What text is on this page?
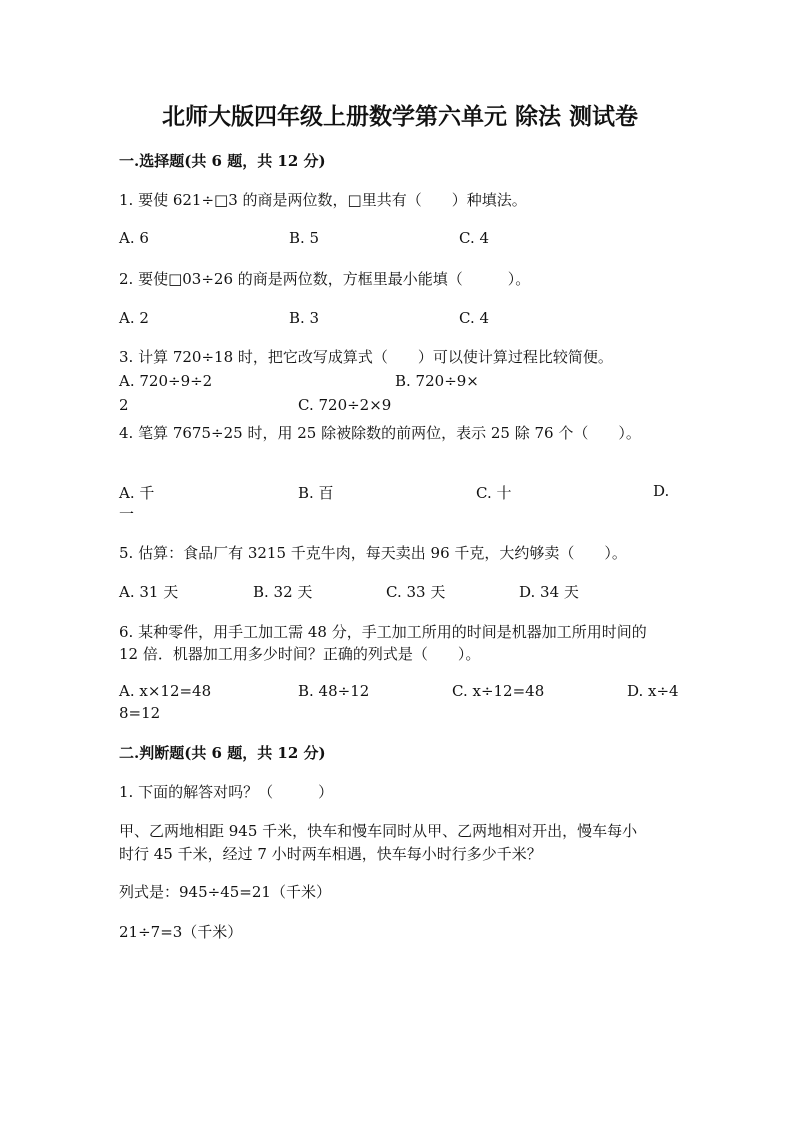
北师大版四年级上册数学第六单元 除法 测试卷
一.选择题(共 6 题，共 12 分)
1. 要使 621÷□3 的商是两位数，□里共有（　　）种填法。
A. 6	B. 5	C. 4
2. 要使□03÷26 的商是两位数，方框里最小能填（　　　）。
A. 2	B. 3	C. 4
3. 计算 720÷18 时，把它改写成算式（　　）可以使计算过程比较简便。
A. 720÷9÷2	B. 720÷9×
2	C. 720÷2×9
4. 笔算 7675÷25 时，用 25 除被除数的前两位，表示 25 除 76 个（　　）。
A. 千	B. 百	C. 十	D.
一
5. 估算：食品厂有 3215 千克牛肉，每天卖出 96 千克，大约够卖（　　）。
A. 31 天	B. 32 天	C. 33 天	D. 34 天
6. 某种零件，用手工加工需 48 分，手工加工所用的时间是机器加工所用时间的
12 倍．机器加工用多少时间？正确的列式是（　　）。
A. x×12=48	B. 48÷12	C. x÷12=48	D. x÷4
8=12
二.判断题(共 6 题，共 12 分)
1. 下面的解答对吗？（　　　）
甲、乙两地相距 945 千米，快车和慢车同时从甲、乙两地相对开出，慢车每小
时行 45 千米，经过 7 小时两车相遇，快车每小时行多少千米？
列式是：945÷45=21（千米）
21÷7=3（千米）
